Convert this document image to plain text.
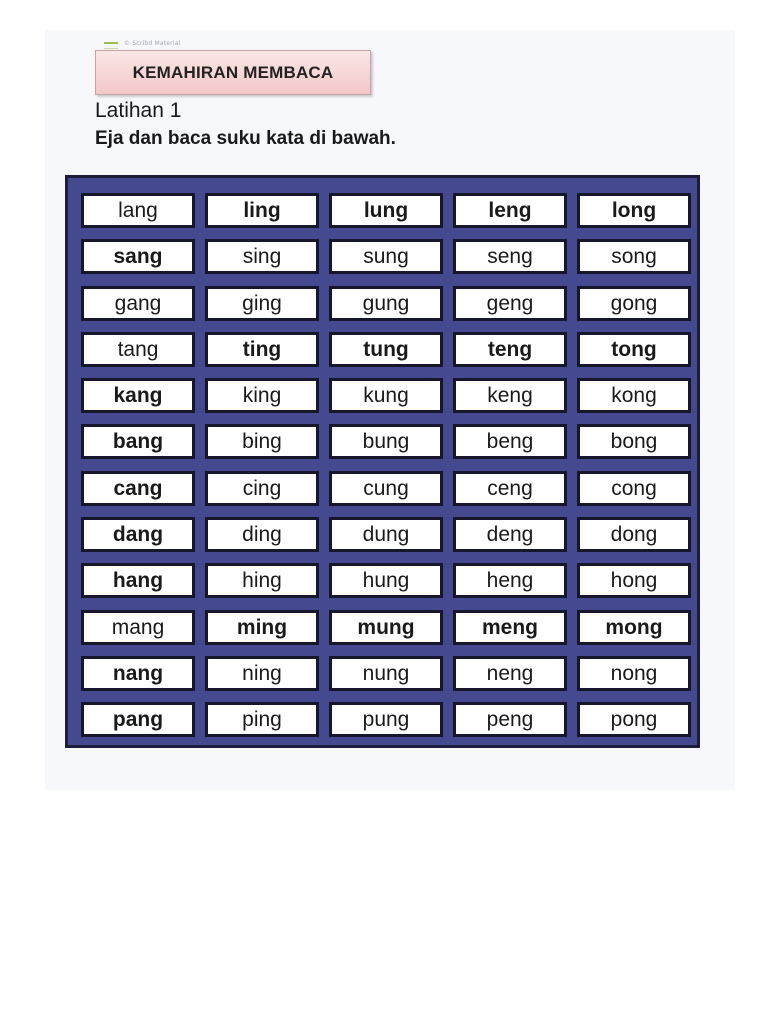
© Scribd Material
KEMAHIRAN MEMBACA
Latihan 1
Eja dan baca suku kata di bawah.
lang	ling	lung	leng	long
sang	sing	sung	seng	song
gang	ging	gung	geng	gong
tang	ting	tung	teng	tong
kang	king	kung	keng	kong
bang	bing	bung	beng	bong
cang	cing	cung	ceng	cong
dang	ding	dung	deng	dong
hang	hing	hung	heng	hong
mang	ming	mung	meng	mong
nang	ning	nung	neng	nong
pang	ping	pung	peng	pong
